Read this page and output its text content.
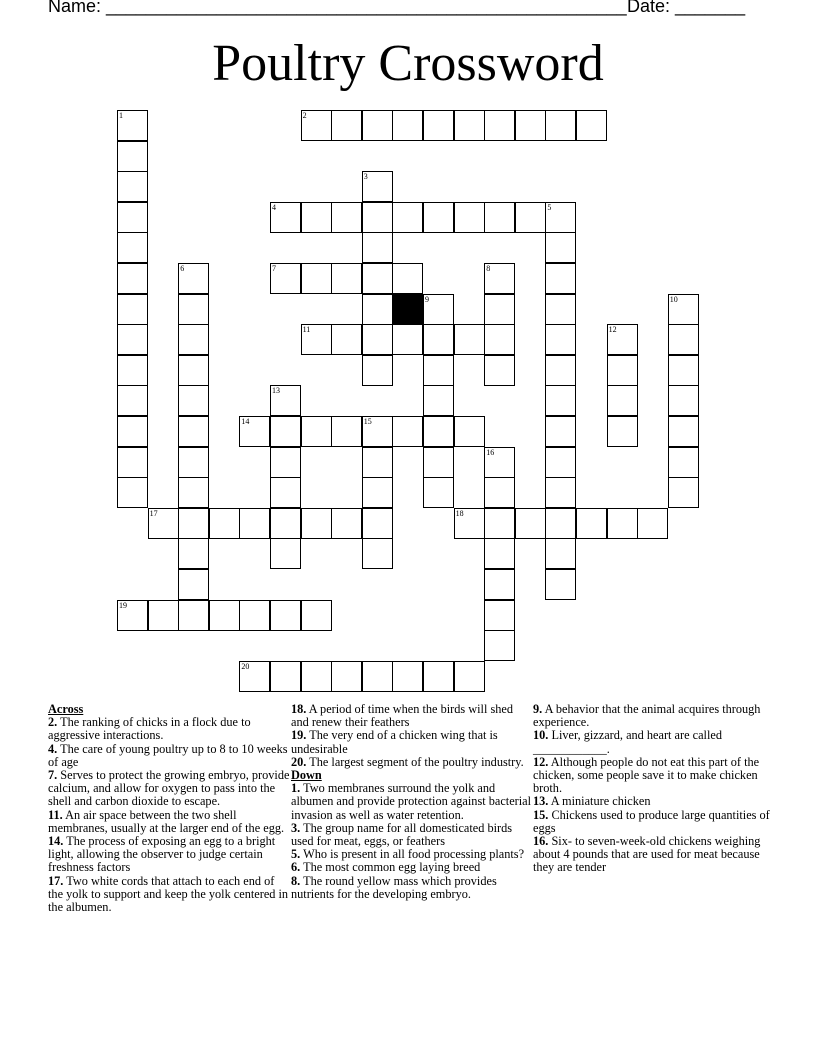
Name: ____________________________________________________ Date: _______
Poultry Crossword
1	2
3
4	5
6	7	8
9	10
11	12
13
14	15
16
17	18
19
20

Across

2. The ranking of chicks in a flock due to aggressive interactions.

4. The care of young poultry up to 8 to 10 weeks of age

7. Serves to protect the growing embryo, provide calcium, and allow for oxygen to pass into the shell and carbon dioxide to escape.

11. An air space between the two shell membranes, usually at the larger end of the egg.

14. The process of exposing an egg to a bright light, allowing the observer to judge certain freshness factors

17. Two white cords that attach to each end of the yolk to support and keep the yolk centered in the albumen.

18. A period of time when the birds will shed and renew their feathers

19. The very end of a chicken wing that is undesirable

20. The largest segment of the poultry industry.

Down

1. Two membranes surround the yolk and albumen and provide protection against bacterial invasion as well as water retention.

3. The group name for all domesticated birds used for meat, eggs, or feathers

5. Who is present in all food processing plants?

6. The most common egg laying breed

8. The round yellow mass which provides nutrients for the developing embryo.

9. A behavior that the animal acquires through experience.

10. Liver, gizzard, and heart are called ____________.

12. Although people do not eat this part of the chicken, some people save it to make chicken broth.

13. A miniature chicken

15. Chickens used to produce large quantities of eggs

16. Six- to seven-week-old chickens weighing about 4 pounds that are used for meat because they are tender
